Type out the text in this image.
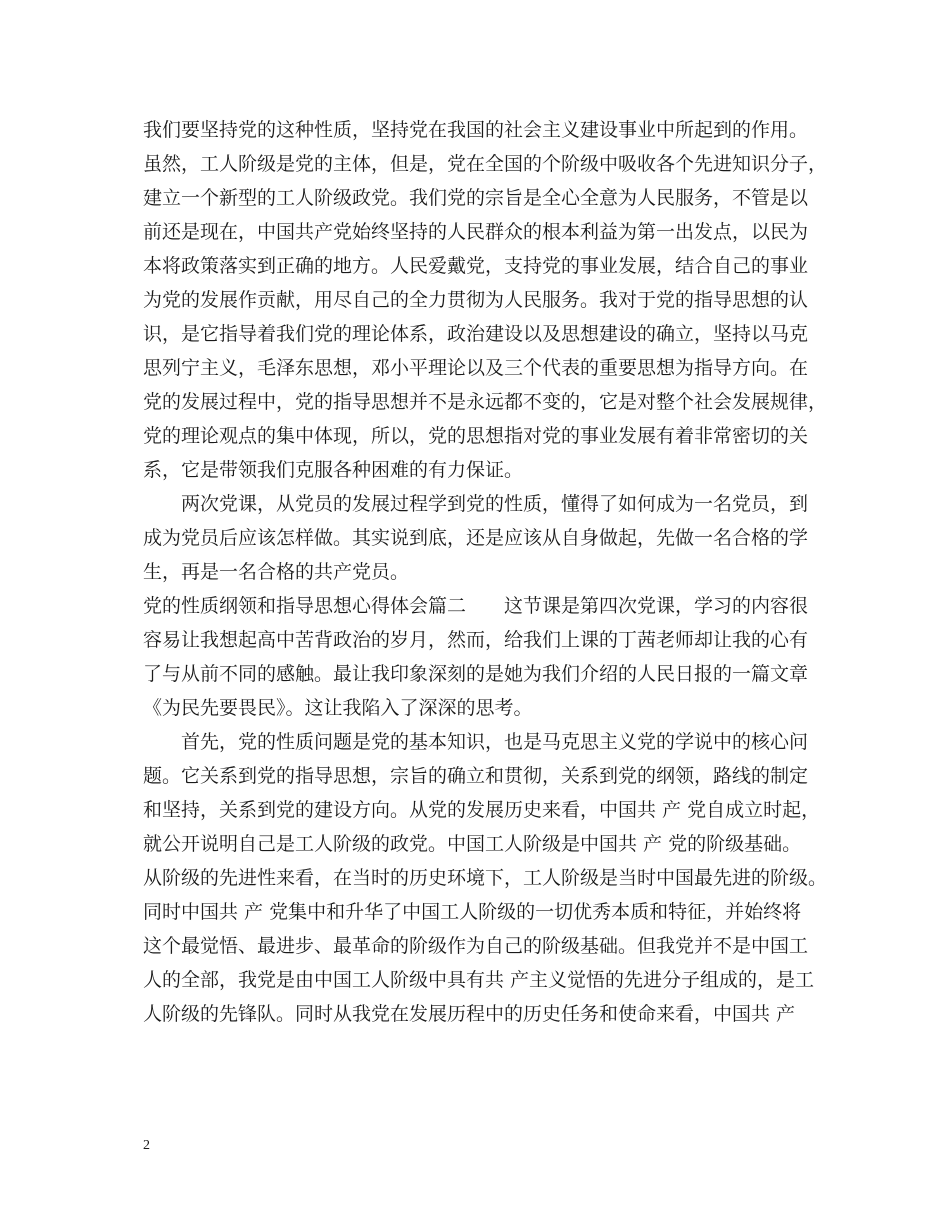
我们要坚持党的这种性质，坚持党在我国的社会主义建设事业中所起到的作用。
虽然，工人阶级是党的主体，但是，党在全国的个阶级中吸收各个先进知识分子，
建立一个新型的工人阶级政党。我们党的宗旨是全心全意为人民服务，不管是以
前还是现在，中国共产党始终坚持的人民群众的根本利益为第一出发点，以民为
本将政策落实到正确的地方。人民爱戴党，支持党的事业发展，结合自己的事业
为党的发展作贡献，用尽自己的全力贯彻为人民服务。我对于党的指导思想的认
识，是它指导着我们党的理论体系，政治建设以及思想建设的确立，坚持以马克
思列宁主义，毛泽东思想，邓小平理论以及三个代表的重要思想为指导方向。在
党的发展过程中，党的指导思想并不是永远都不变的，它是对整个社会发展规律，
党的理论观点的集中体现，所以，党的思想指对党的事业发展有着非常密切的关
系，它是带领我们克服各种困难的有力保证。
　　两次党课，从党员的发展过程学到党的性质，懂得了如何成为一名党员，到
成为党员后应该怎样做。其实说到底，还是应该从自身做起，先做一名合格的学
生，再是一名合格的共产党员。
党的性质纲领和指导思想心得体会篇二　　这节课是第四次党课，学习的内容很
容易让我想起高中苦背政治的岁月，然而，给我们上课的丁茜老师却让我的心有
了与从前不同的感触。最让我印象深刻的是她为我们介绍的人民日报的一篇文章
《为民先要畏民》。这让我陷入了深深的思考。
　　首先，党的性质问题是党的基本知识，也是马克思主义党的学说中的核心问
题。它关系到党的指导思想，宗旨的确立和贯彻，关系到党的纲领，路线的制定
和坚持，关系到党的建设方向。从党的发展历史来看，中国共 产 党自成立时起，
就公开说明自己是工人阶级的政党。中国工人阶级是中国共 产 党的阶级基础。
从阶级的先进性来看，在当时的历史环境下，工人阶级是当时中国最先进的阶级。
同时中国共 产 党集中和升华了中国工人阶级的一切优秀本质和特征，并始终将
这个最觉悟、最进步、最革命的阶级作为自己的阶级基础。但我党并不是中国工
人的全部，我党是由中国工人阶级中具有共 产主义觉悟的先进分子组成的，是工
人阶级的先锋队。同时从我党在发展历程中的历史任务和使命来看，中国共 产
2
